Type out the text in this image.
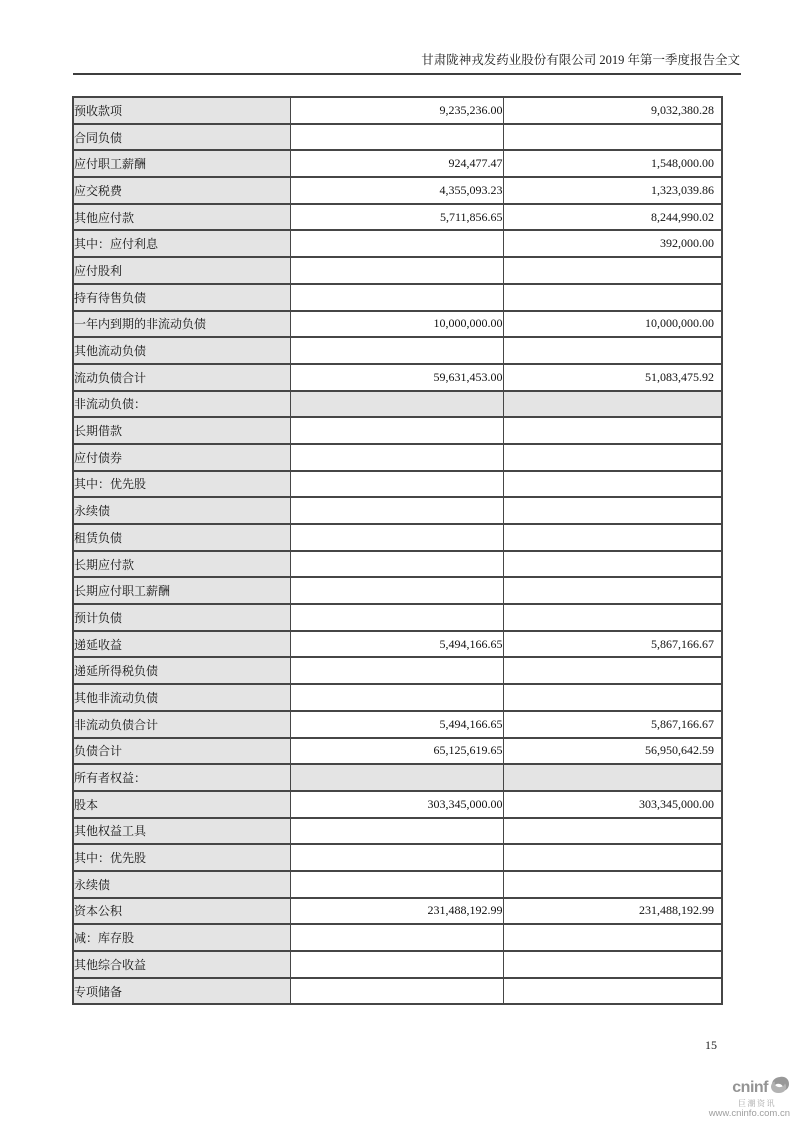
甘肃陇神戎发药业股份有限公司 2019 年第一季度报告全文
预收款项	9,235,236.00	9,032,380.28
合同负债		
应付职工薪酬	924,477.47	1,548,000.00
应交税费	4,355,093.23	1,323,039.86
其他应付款	5,711,856.65	8,244,990.02
其中：应付利息		392,000.00
应付股利		
持有待售负债		
一年内到期的非流动负债	10,000,000.00	10,000,000.00
其他流动负债		
流动负债合计	59,631,453.00	51,083,475.92
非流动负债：		
长期借款		
应付债券		
其中：优先股		
永续债		
租赁负债		
长期应付款		
长期应付职工薪酬		
预计负债		
递延收益	5,494,166.65	5,867,166.67
递延所得税负债		
其他非流动负债		
非流动负债合计	5,494,166.65	5,867,166.67
负债合计	65,125,619.65	56,950,642.59
所有者权益：		
股本	303,345,000.00	303,345,000.00
其他权益工具		
其中：优先股		
永续债		
资本公积	231,488,192.99	231,488,192.99
减：库存股		
其他综合收益		
专项储备		
15
cninf
巨潮资讯
www.cninfo.com.cn
